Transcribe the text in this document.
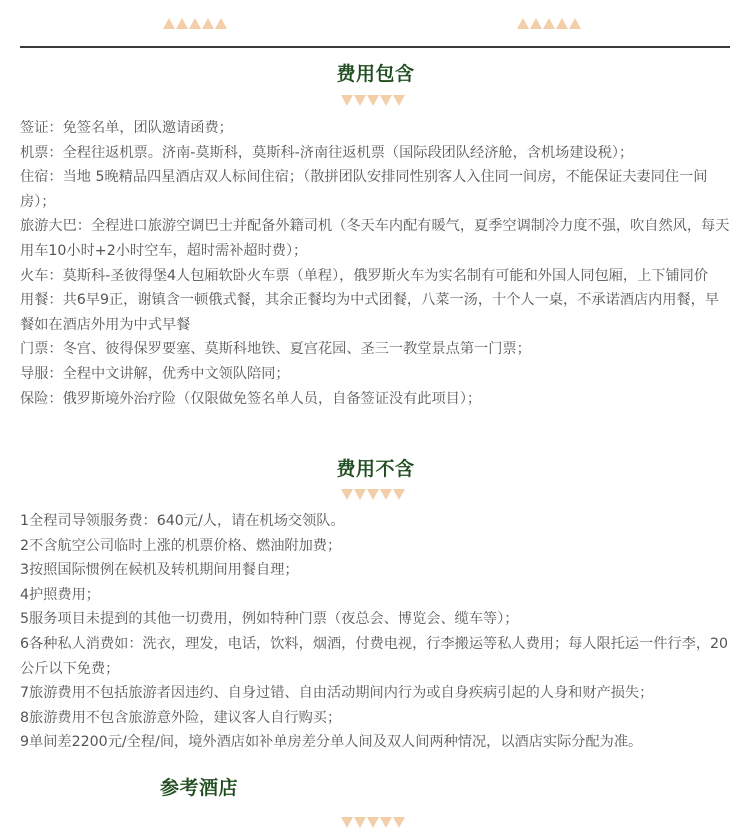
费用包含

签证：免签名单，团队邀请函费；

机票：全程往返机票。济南-莫斯科，莫斯科-济南往返机票（国际段团队经济舱，含机场建设税）；

住宿：当地 5晚精品四星酒店双人标间住宿；（散拼团队安排同性别客人入住同一间房，不能保证夫妻同住一间房）；

旅游大巴：全程进口旅游空调巴士并配备外籍司机（冬天车内配有暖气，夏季空调制冷力度不强，吹自然风，每天用车10小时+2小时空车，超时需补超时费）；

火车：莫斯科-圣彼得堡4人包厢软卧火车票（单程），俄罗斯火车为实名制有可能和外国人同包厢，上下铺同价

用餐：共6早9正，谢镇含一顿俄式餐，其余正餐均为中式团餐，八菜一汤，十个人一桌，不承诺酒店内用餐，早餐如在酒店外用为中式早餐

门票：冬宫、彼得保罗要塞、莫斯科地铁、夏宫花园、圣三一教堂景点第一门票；

导服：全程中文讲解，优秀中文领队陪同；

保险：俄罗斯境外治疗险（仅限做免签名单人员，自备签证没有此项目）；

费用不含

1全程司导领服务费：640元/人，请在机场交领队。

2不含航空公司临时上涨的机票价格、燃油附加费；

3按照国际惯例在候机及转机期间用餐自理；

4护照费用；

5服务项目未提到的其他一切费用，例如特种门票（夜总会、博览会、缆车等）；

6各种私人消费如：洗衣，理发，电话，饮料，烟酒，付费电视，行李搬运等私人费用；每人限托运一件行李，20 公斤以下免费；

7旅游费用不包括旅游者因违约、自身过错、自由活动期间内行为或自身疾病引起的人身和财产损失；

8旅游费用不包含旅游意外险，建议客人自行购买；

9单间差2200元/全程/间，境外酒店如补单房差分单人间及双人间两种情况，以酒店实际分配为准。

参考酒店
